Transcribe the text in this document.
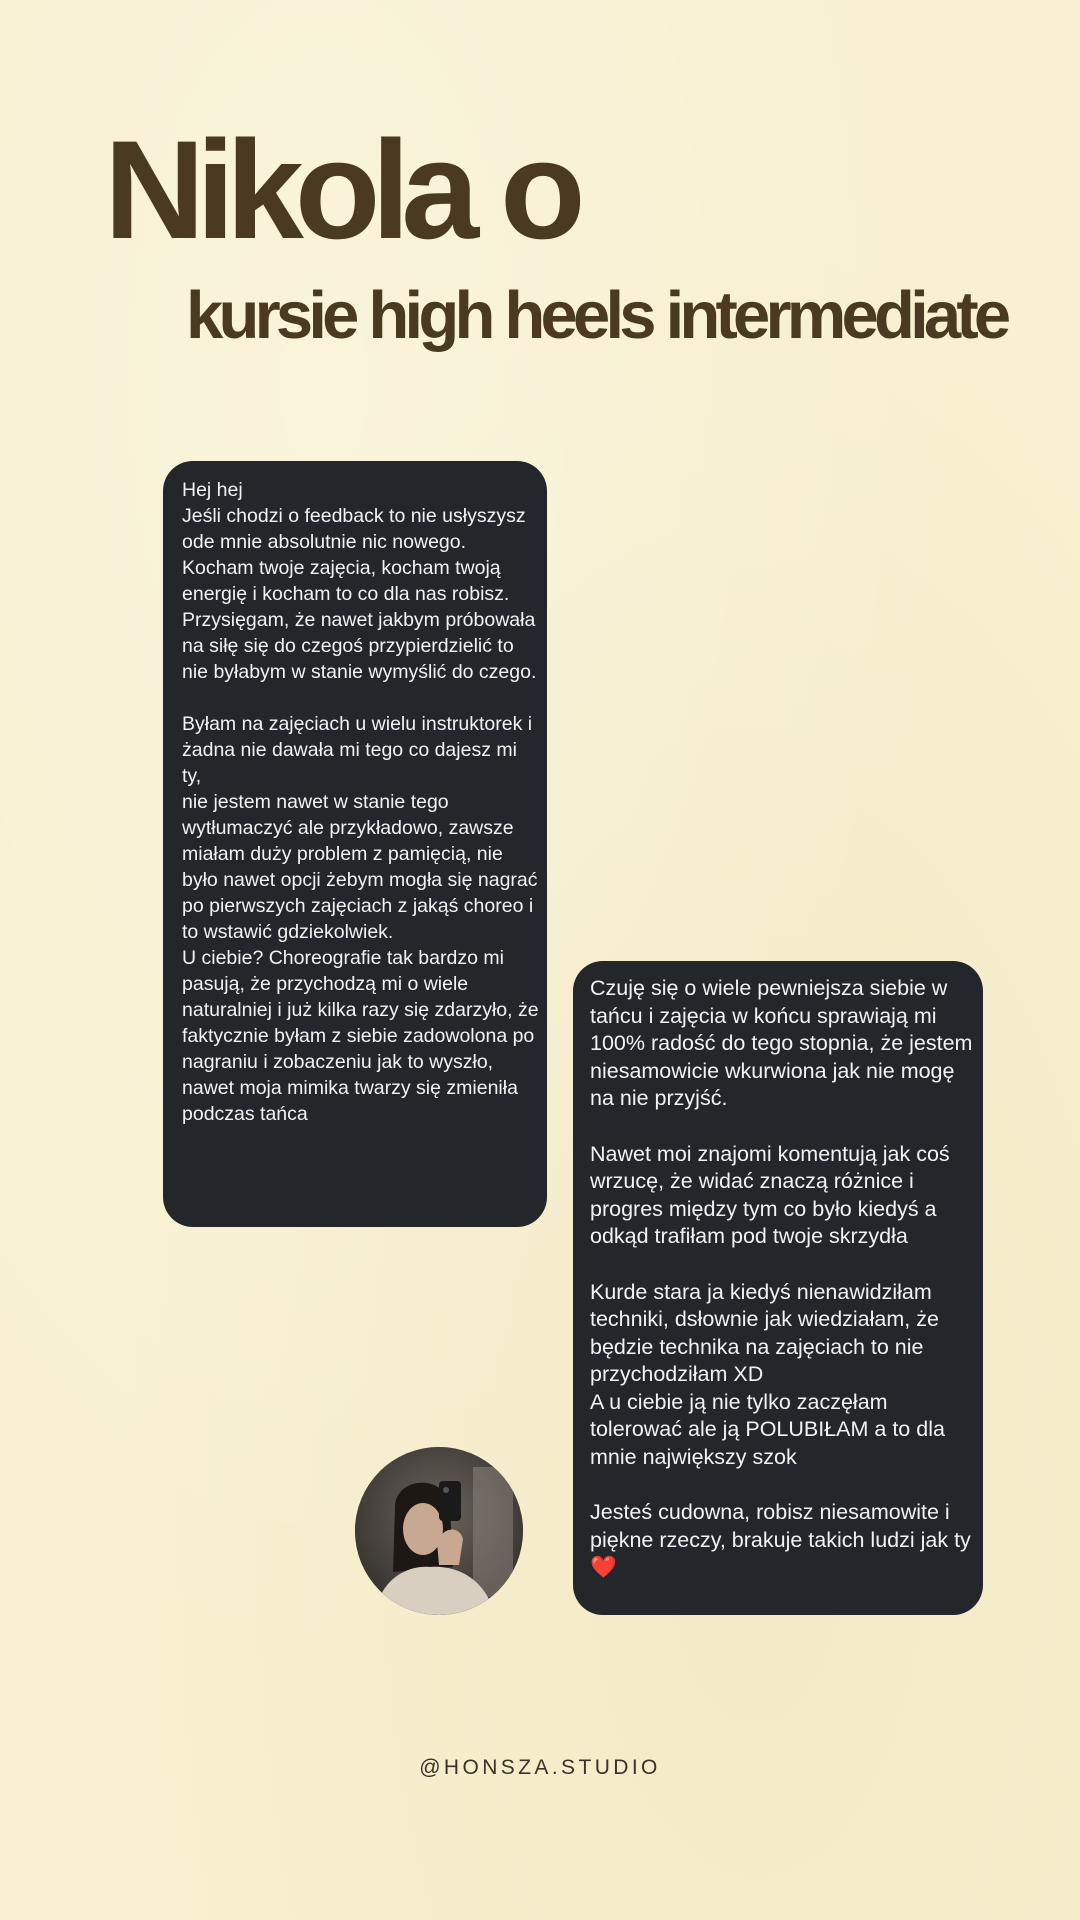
Nikola o
kursie high heels intermediate

Hej hej

Jeśli chodzi o feedback to nie usłyszysz ode mnie absolutnie nic nowego.

Kocham twoje zajęcia, kocham twoją energię i kocham to co dla nas robisz.

Przysięgam, że nawet jakbym próbowała na siłę się do czegoś przypierdzielić to nie byłabym w stanie wymyślić do czego.

Byłam na zajęciach u wielu instruktorek i żadna nie dawała mi tego co dajesz mi ty,

nie jestem nawet w stanie tego wytłumaczyć ale przykładowo, zawsze miałam duży problem z pamięcią, nie było nawet opcji żebym mogła się nagrać po pierwszych zajęciach z jakąś choreo i to wstawić gdziekolwiek.

U ciebie? Choreografie tak bardzo mi pasują, że przychodzą mi o wiele naturalniej i już kilka razy się zdarzyło, że faktycznie byłam z siebie zadowolona po nagraniu i zobaczeniu jak to wyszło, nawet moja mimika twarzy się zmieniła podczas tańca

Czuję się o wiele pewniejsza siebie w tańcu i zajęcia w końcu sprawiają mi 100% radość do tego stopnia, że jestem niesamowicie wkurwiona jak nie mogę na nie przyjść.

Nawet moi znajomi komentują jak coś wrzucę, że widać znaczą różnice i progres między tym co było kiedyś a odkąd trafiłam pod twoje skrzydła

Kurde stara ja kiedyś nienawidziłam techniki, dsłownie jak wiedziałam, że będzie technika na zajęciach to nie przychodziłam XD

A u ciebie ją nie tylko zaczęłam tolerować ale ją POLUBIŁAM a to dla mnie największy szok

Jesteś cudowna, robisz niesamowite i piękne rzeczy, brakuje takich ludzi jak ty ❤️

@HONSZA.STUDIO
